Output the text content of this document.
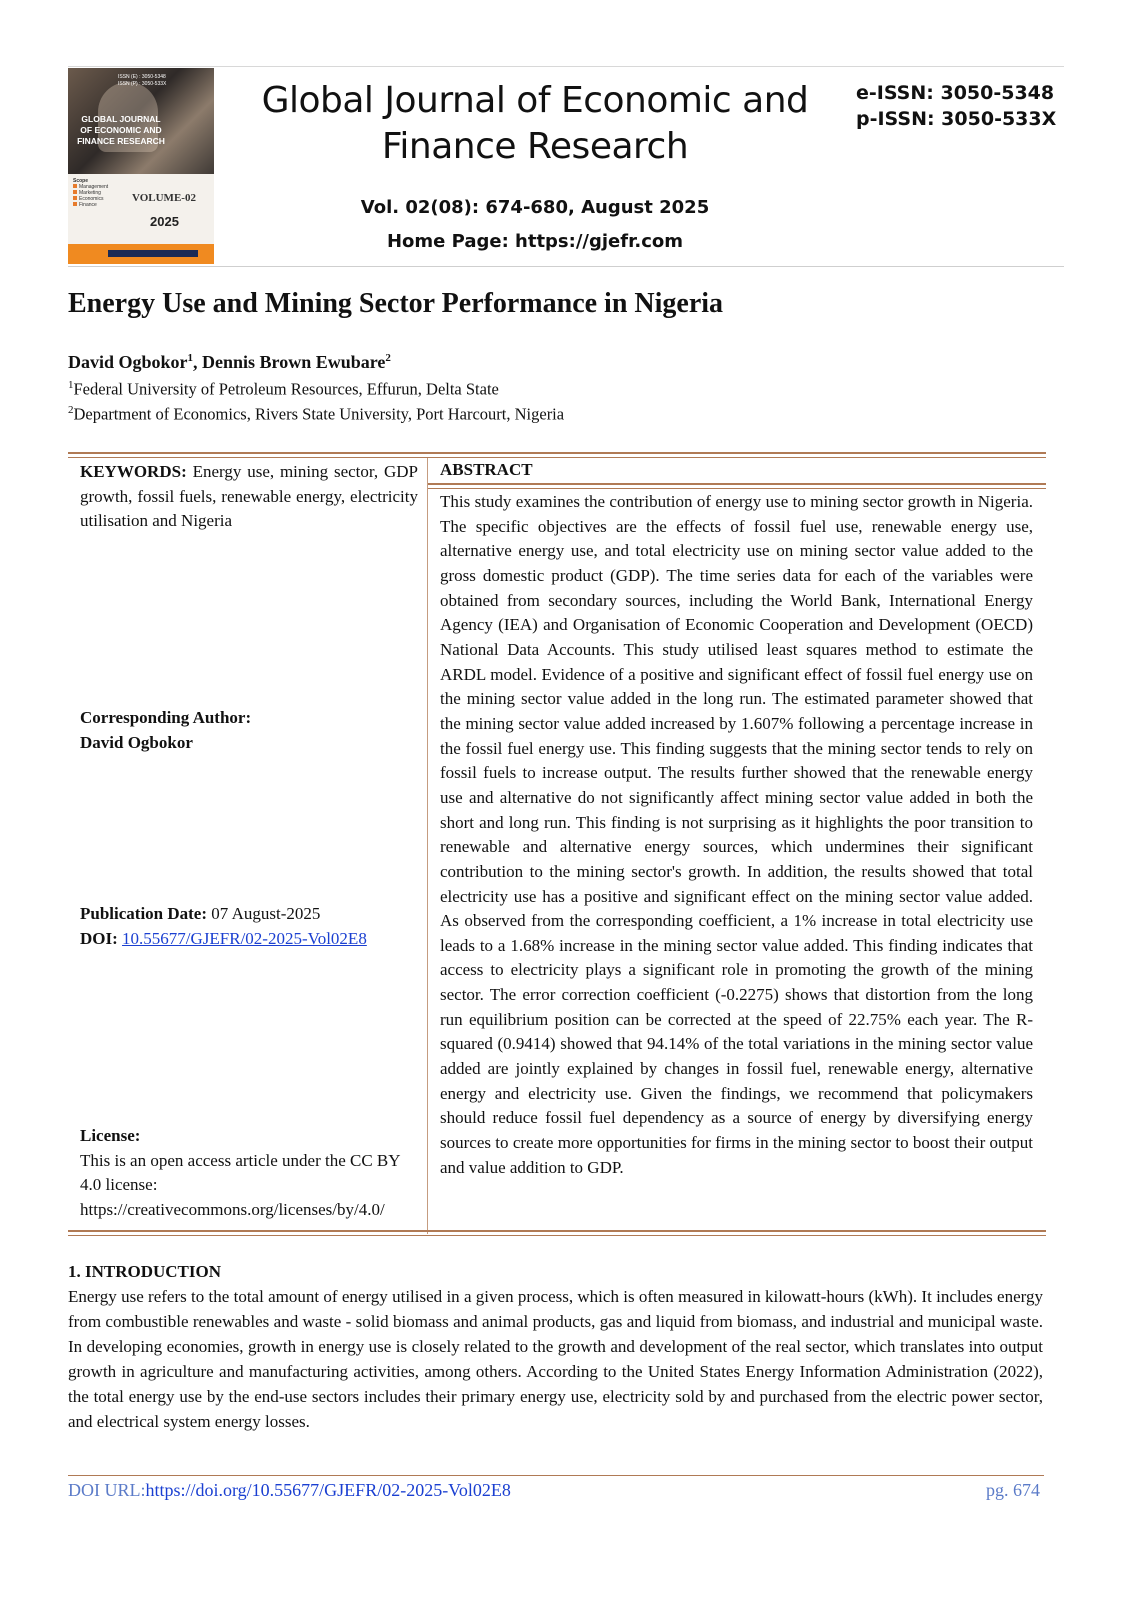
ISSN (E) : 3050-5348
ISSN (P) : 3050-533X
GLOBAL JOURNAL OF ECONOMIC AND FINANCE RESEARCH
Scope
Management
Marketing
Economics
Finance
VOLUME-02
2025
Global Journal of Economic and Finance Research
e-ISSN: 3050-5348
p-ISSN: 3050-533X
Vol. 02(08): 674-680, August 2025
Home Page: https://gjefr.com
Energy Use and Mining Sector Performance in Nigeria
David Ogbokor$^1$, Dennis Brown Ewubare$^2$
$^1$Federal University of Petroleum Resources, Effurun, Delta State
$^2$Department of Economics, Rivers State University, Port Harcourt, Nigeria
KEYWORDS: Energy use, mining sector, GDP growth, fossil fuels, renewable energy, electricity utilisation and Nigeria
Corresponding Author:
David Ogbokor
Publication Date: 07 August-2025
DOI: 10.55677/GJEFR/02-2025-Vol02E8
License:
This is an open access article under the CC BY 4.0 license:
https://creativecommons.org/licenses/by/4.0/
ABSTRACT
This study examines the contribution of energy use to mining sector growth in Nigeria. The specific objectives are the effects of fossil fuel use, renewable energy use, alternative energy use, and total electricity use on mining sector value added to the gross domestic product (GDP). The time series data for each of the variables were obtained from secondary sources, including the World Bank, International Energy Agency (IEA) and Organisation of Economic Cooperation and Development (OECD) National Data Accounts. This study utilised least squares method to estimate the ARDL model. Evidence of a positive and significant effect of fossil fuel energy use on the mining sector value added in the long run. The estimated parameter showed that the mining sector value added increased by 1.607% following a percentage increase in the fossil fuel energy use. This finding suggests that the mining sector tends to rely on fossil fuels to increase output. The results further showed that the renewable energy use and alternative do not significantly affect mining sector value added in both the short and long run. This finding is not surprising as it highlights the poor transition to renewable and alternative energy sources, which undermines their significant contribution to the mining sector's growth. In addition, the results showed that total electricity use has a positive and significant effect on the mining sector value added. As observed from the corresponding coefficient, a 1% increase in total electricity use leads to a 1.68% increase in the mining sector value added. This finding indicates that access to electricity plays a significant role in promoting the growth of the mining sector. The error correction coefficient (-0.2275) shows that distortion from the long run equilibrium position can be corrected at the speed of 22.75% each year. The R-squared (0.9414) showed that 94.14% of the total variations in the mining sector value added are jointly explained by changes in fossil fuel, renewable energy, alternative energy and electricity use. Given the findings, we recommend that policymakers should reduce fossil fuel dependency as a source of energy by diversifying energy sources to create more opportunities for firms in the mining sector to boost their output and value addition to GDP.
1. INTRODUCTION
Energy use refers to the total amount of energy utilised in a given process, which is often measured in kilowatt-hours (kWh). It includes energy from combustible renewables and waste - solid biomass and animal products, gas and liquid from biomass, and industrial and municipal waste. In developing economies, growth in energy use is closely related to the growth and development of the real sector, which translates into output growth in agriculture and manufacturing activities, among others. According to the United States Energy Information Administration (2022), the total energy use by the end-use sectors includes their primary energy use, electricity sold by and purchased from the electric power sector, and electrical system energy losses.
DOI URL:https://doi.org/10.55677/GJEFR/02-2025-Vol02E8	pg. 674
